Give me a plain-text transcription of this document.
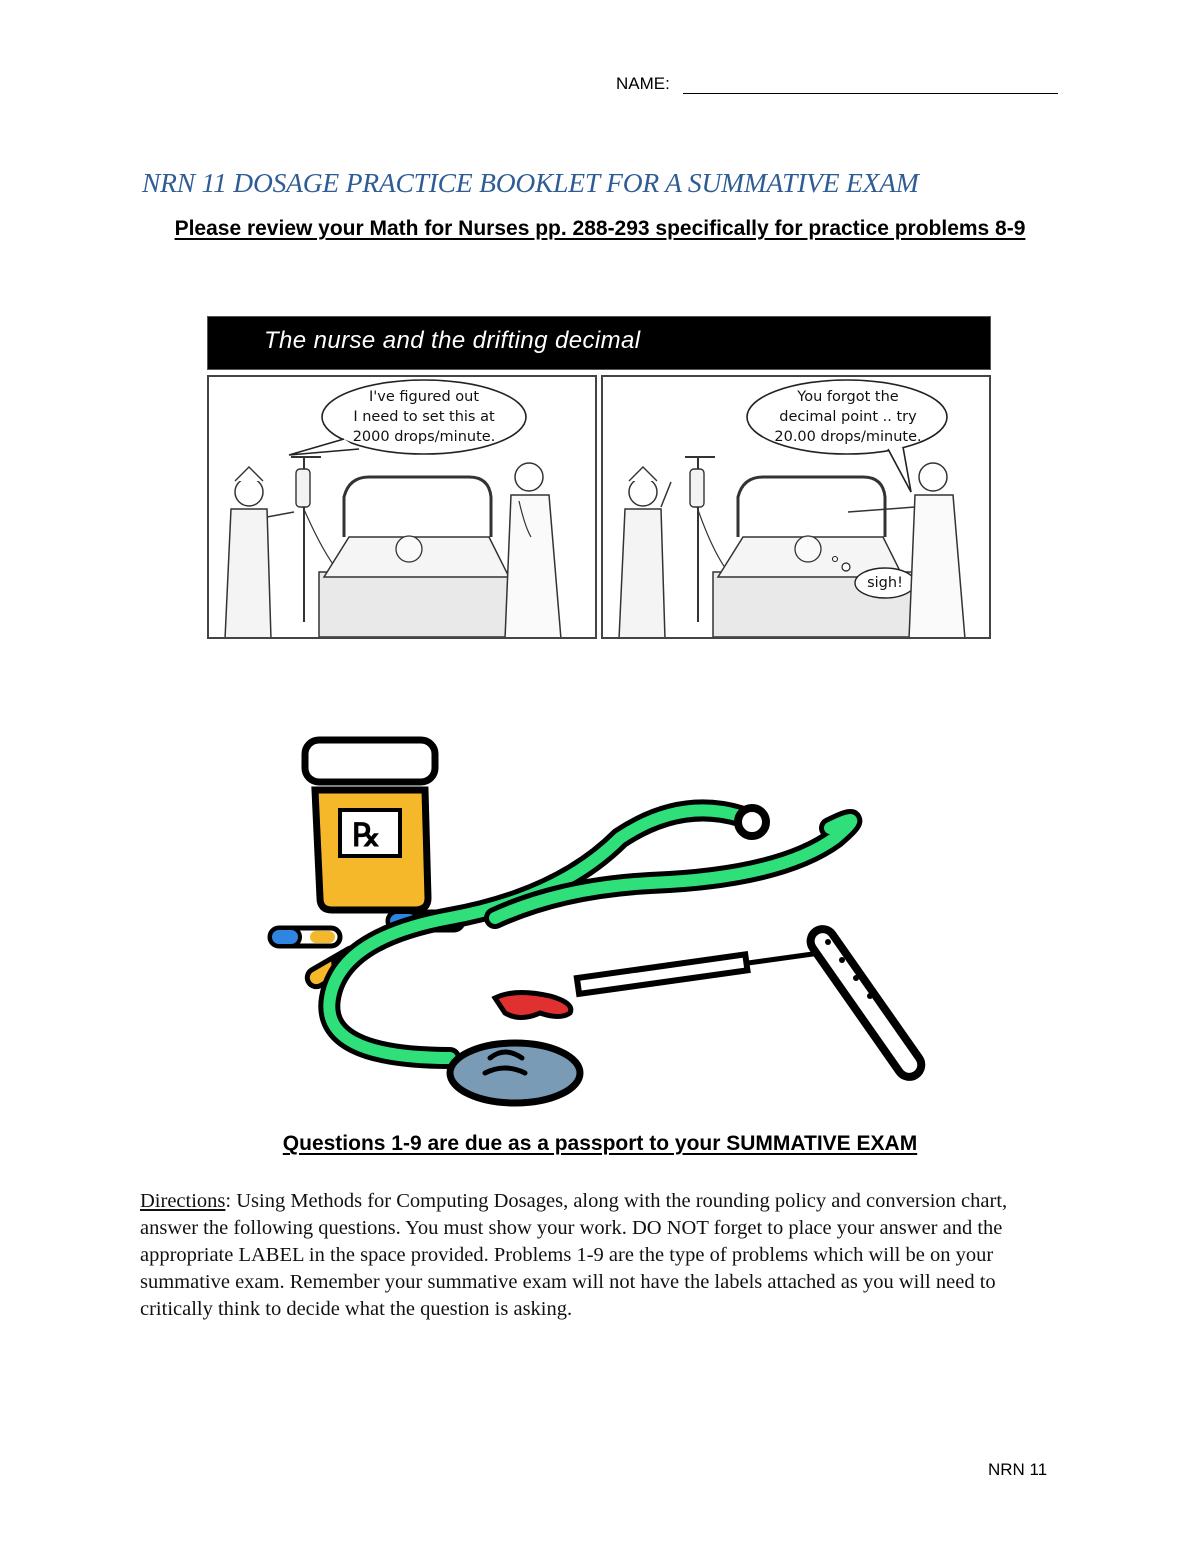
NAME:
NRN 11 DOSAGE PRACTICE BOOKLET FOR A SUMMATIVE EXAM
Please review your Math for Nurses pp. 288-293 specifically for practice problems 8-9
The nurse and the drifting decimal
I've figured out
I need to set this at
2000 drops/minute.
You forgot the
decimal point .. try
20.00 drops/minute.
sigh!
℞
Questions 1-9 are due as a passport to your SUMMATIVE EXAM
Directions: Using Methods for Computing Dosages, along with the rounding policy and conversion chart, answer the following questions. You must show your work. DO NOT forget to place your answer and the appropriate LABEL in the space provided. Problems 1-9 are the type of problems which will be on your summative exam. Remember your summative exam will not have the labels attached as you will need to critically think to decide what the question is asking.
NRN 11
